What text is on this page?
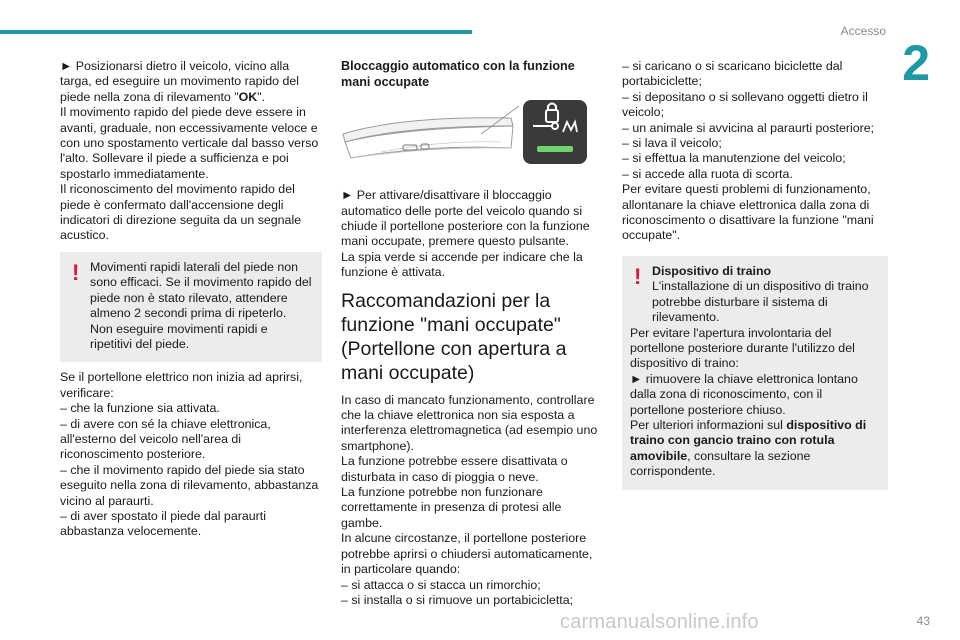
Accesso
2

► Posizionarsi dietro il veicolo, vicino alla targa, ed eseguire un movimento rapido del piede nella zona di rilevamento "OK".

Il movimento rapido del piede deve essere in avanti, graduale, non eccessivamente veloce e con uno spostamento verticale dal basso verso l'alto. Sollevare il piede a sufficienza e poi spostarlo immediatamente.

Il riconoscimento del movimento rapido del piede è confermato dall'accensione degli indicatori di direzione seguita da un segnale acustico.

! Movimenti rapidi laterali del piede non sono efficaci. Se il movimento rapido del piede non è stato rilevato, attendere almeno 2 secondi prima di ripeterlo.

Non eseguire movimenti rapidi e ripetitivi del piede.

Se il portellone elettrico non inizia ad aprirsi, verificare:

– che la funzione sia attivata.

– di avere con sé la chiave elettronica, all'esterno del veicolo nell'area di riconoscimento posteriore.

– che il movimento rapido del piede sia stato eseguito nella zona di rilevamento, abbastanza vicino al paraurti.

– di aver spostato il piede dal paraurti abbastanza velocemente.

Bloccaggio automatico con la funzione mani occupate

► Per attivare/disattivare il bloccaggio automatico delle porte del veicolo quando si chiude il portellone posteriore con la funzione mani occupate, premere questo pulsante.

La spia verde si accende per indicare che la funzione è attivata.

Raccomandazioni per la funzione "mani occupate" (Portellone con apertura a mani occupate)

In caso di mancato funzionamento, controllare che la chiave elettronica non sia esposta a interferenza elettromagnetica (ad esempio uno smartphone).

La funzione potrebbe essere disattivata o disturbata in caso di pioggia o neve.

La funzione potrebbe non funzionare correttamente in presenza di protesi alle gambe.

In alcune circostanze, il portellone posteriore potrebbe aprirsi o chiudersi automaticamente, in particolare quando:

– si attacca o si stacca un rimorchio;

– si installa o si rimuove un portabicicletta;

– si caricano o si scaricano biciclette dal portabiciclette;

– si depositano o si sollevano oggetti dietro il veicolo;

– un animale si avvicina al paraurti posteriore;

– si lava il veicolo;

– si effettua la manutenzione del veicolo;

– si accede alla ruota di scorta.

Per evitare questi problemi di funzionamento, allontanare la chiave elettronica dalla zona di riconoscimento o disattivare la funzione "mani occupate".

! Dispositivo di traino

L'installazione di un dispositivo di traino potrebbe disturbare il sistema di rilevamento.

Per evitare l'apertura involontaria del portellone posteriore durante l'utilizzo del dispositivo di traino:

► rimuovere la chiave elettronica lontano dalla zona di riconoscimento, con il portellone posteriore chiuso.

Per ulteriori informazioni sul dispositivo di traino con gancio traino con rotula amovibile, consultare la sezione corrispondente.

carmanualsonline.info	43
